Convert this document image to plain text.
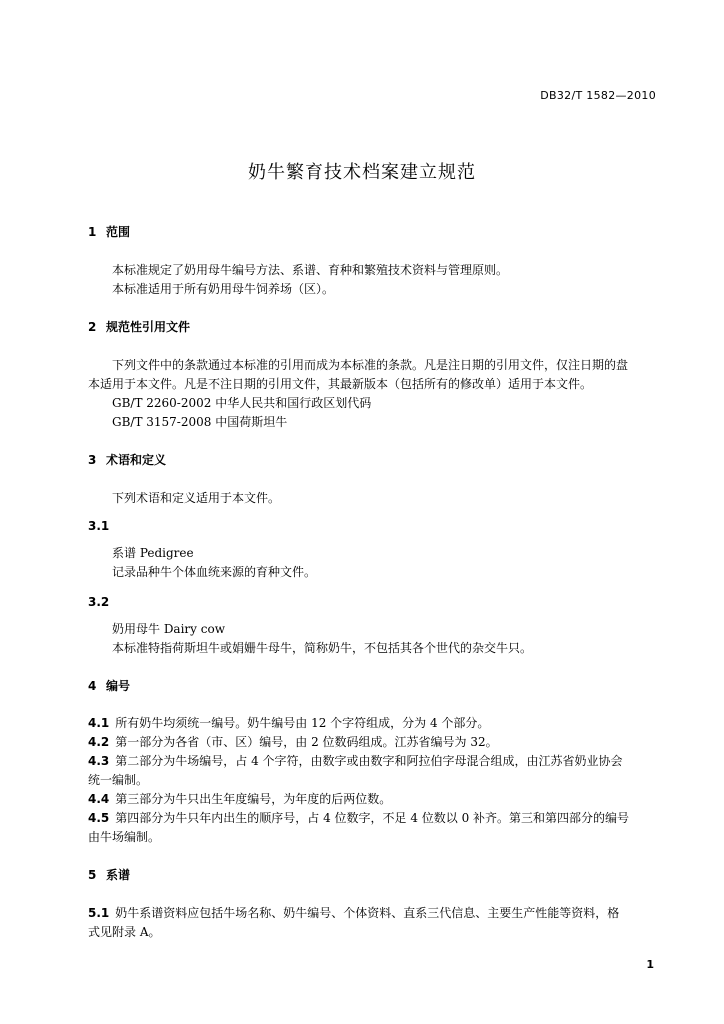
DB32/T 1582—2010
奶牛繁育技术档案建立规范
1 范围
本标准规定了奶用母牛编号方法、系谱、育种和繁殖技术资料与管理原则。
本标准适用于所有奶用母牛饲养场（区）。
2 规范性引用文件
下列文件中的条款通过本标准的引用而成为本标准的条款。凡是注日期的引用文件，仅注日期的盘
本适用于本文件。凡是不注日期的引用文件，其最新版本（包括所有的修改单）适用于本文件。
GB/T 2260-2002 中华人民共和国行政区划代码
GB/T 3157-2008 中国荷斯坦牛
3 术语和定义
下列术语和定义适用于本文件。
3.1
系谱 Pedigree
记录品种牛个体血统来源的育种文件。
3.2
奶用母牛 Dairy cow
本标准特指荷斯坦牛或娟姗牛母牛，简称奶牛，不包括其各个世代的杂交牛只。
4 编号
4.1 所有奶牛均须统一编号。奶牛编号由 12 个字符组成，分为 4 个部分。
4.2 第一部分为各省（市、区）编号，由 2 位数码组成。江苏省编号为 32。
4.3 第二部分为牛场编号，占 4 个字符，由数字或由数字和阿拉伯字母混合组成，由江苏省奶业协会
统一编制。
4.4 第三部分为牛只出生年度编号，为年度的后两位数。
4.5 第四部分为牛只年内出生的顺序号，占 4 位数字，不足 4 位数以 0 补齐。第三和第四部分的编号
由牛场编制。
5 系谱
5.1 奶牛系谱资料应包括牛场名称、奶牛编号、个体资料、直系三代信息、主要生产性能等资料，格
式见附录 A。
1
